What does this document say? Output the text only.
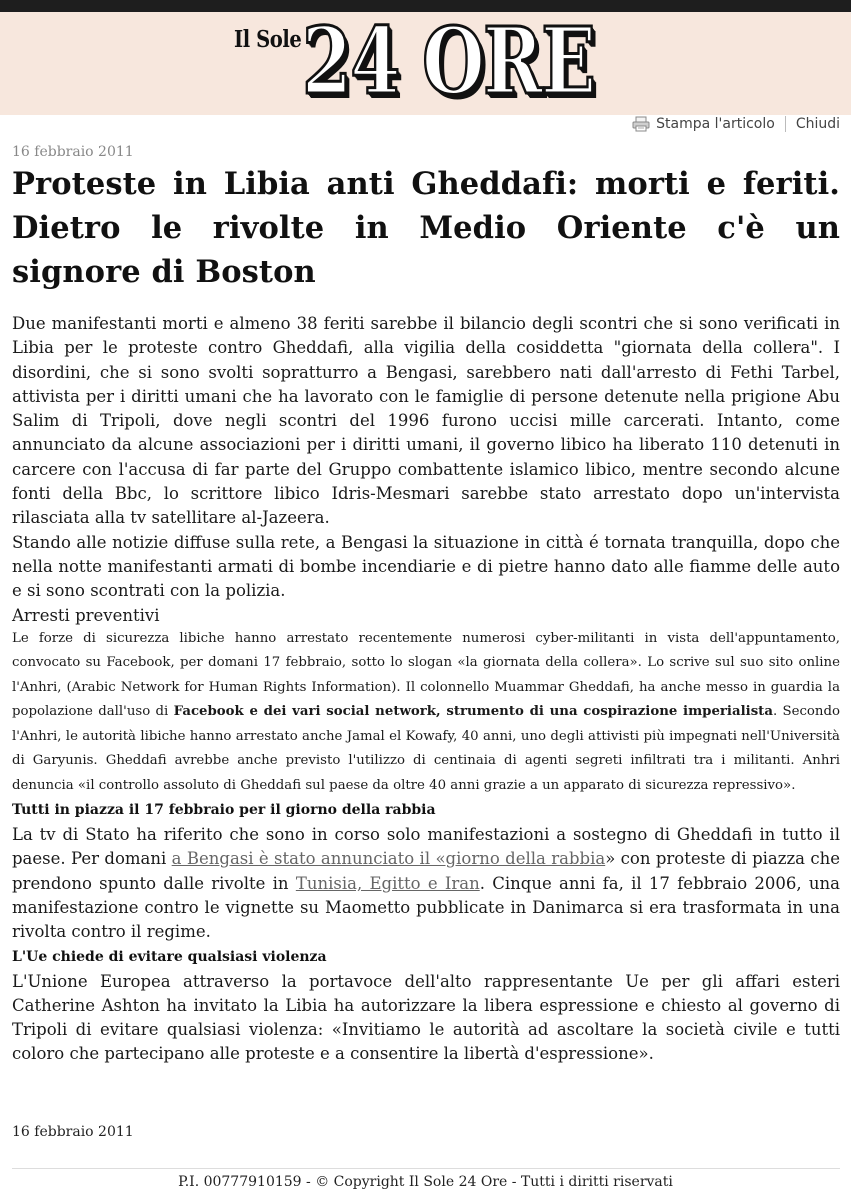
Il Sole 24 ORE
Stampa l'articolo Chiudi
16 febbraio 2011
Proteste in Libia anti Gheddafi: morti e feriti. Dietro le rivolte in Medio Oriente c'è un signore di Boston

Due manifestanti morti e almeno 38 feriti sarebbe il bilancio degli scontri che si sono verificati in Libia per le proteste contro Gheddafi, alla vigilia della cosiddetta "giornata della collera". I disordini, che si sono svolti sopratturro a Bengasi, sarebbero nati dall'arresto di Fethi Tarbel, attivista per i diritti umani che ha lavorato con le famiglie di persone detenute nella prigione Abu Salim di Tripoli, dove negli scontri del 1996 furono uccisi mille carcerati. Intanto, come annunciato da alcune associazioni per i diritti umani, il governo libico ha liberato 110 detenuti in carcere con l'accusa di far parte del Gruppo combattente islamico libico, mentre secondo alcune fonti della Bbc, lo scrittore libico Idris-Mesmari sarebbe stato arrestato dopo un'intervista rilasciata alla tv satellitare al-Jazeera.

Stando alle notizie diffuse sulla rete, a Bengasi la situazione in città é tornata tranquilla, dopo che nella notte manifestanti armati di bombe incendiarie e di pietre hanno dato alle fiamme delle auto e si sono scontrati con la polizia.

Arresti preventivi

Le forze di sicurezza libiche hanno arrestato recentemente numerosi cyber-militanti in vista dell'appuntamento, convocato su Facebook, per domani 17 febbraio, sotto lo slogan «la giornata della collera». Lo scrive sul suo sito online l'Anhri, (Arabic Network for Human Rights Information). Il colonnello Muammar Gheddafi, ha anche messo in guardia la popolazione dall'uso di Facebook e dei vari social network, strumento di una cospirazione imperialista. Secondo l'Anhri, le autorità libiche hanno arrestato anche Jamal el Kowafy, 40 anni, uno degli attivisti più impegnati nell'Università di Garyunis. Gheddafi avrebbe anche previsto l'utilizzo di centinaia di agenti segreti infiltrati tra i militanti. Anhri denuncia «il controllo assoluto di Gheddafi sul paese da oltre 40 anni grazie a un apparato di sicurezza repressivo».

Tutti in piazza il 17 febbraio per il giorno della rabbia

La tv di Stato ha riferito che sono in corso solo manifestazioni a sostegno di Gheddafi in tutto il paese. Per domani a Bengasi è stato annunciato il «giorno della rabbia» con proteste di piazza che prendono spunto dalle rivolte in Tunisia, Egitto e Iran. Cinque anni fa, il 17 febbraio 2006, una manifestazione contro le vignette su Maometto pubblicate in Danimarca si era trasformata in una rivolta contro il regime.

L'Ue chiede di evitare qualsiasi violenza

L'Unione Europea attraverso la portavoce dell'alto rappresentante Ue per gli affari esteri Catherine Ashton ha invitato la Libia ha autorizzare la libera espressione e chiesto al governo di Tripoli di evitare qualsiasi violenza: «Invitiamo le autorità ad ascoltare la società civile e tutti coloro che partecipano alle proteste e a consentire la libertà d'espressione».

16 febbraio 2011
P.I. 00777910159 - © Copyright Il Sole 24 Ore - Tutti i diritti riservati
